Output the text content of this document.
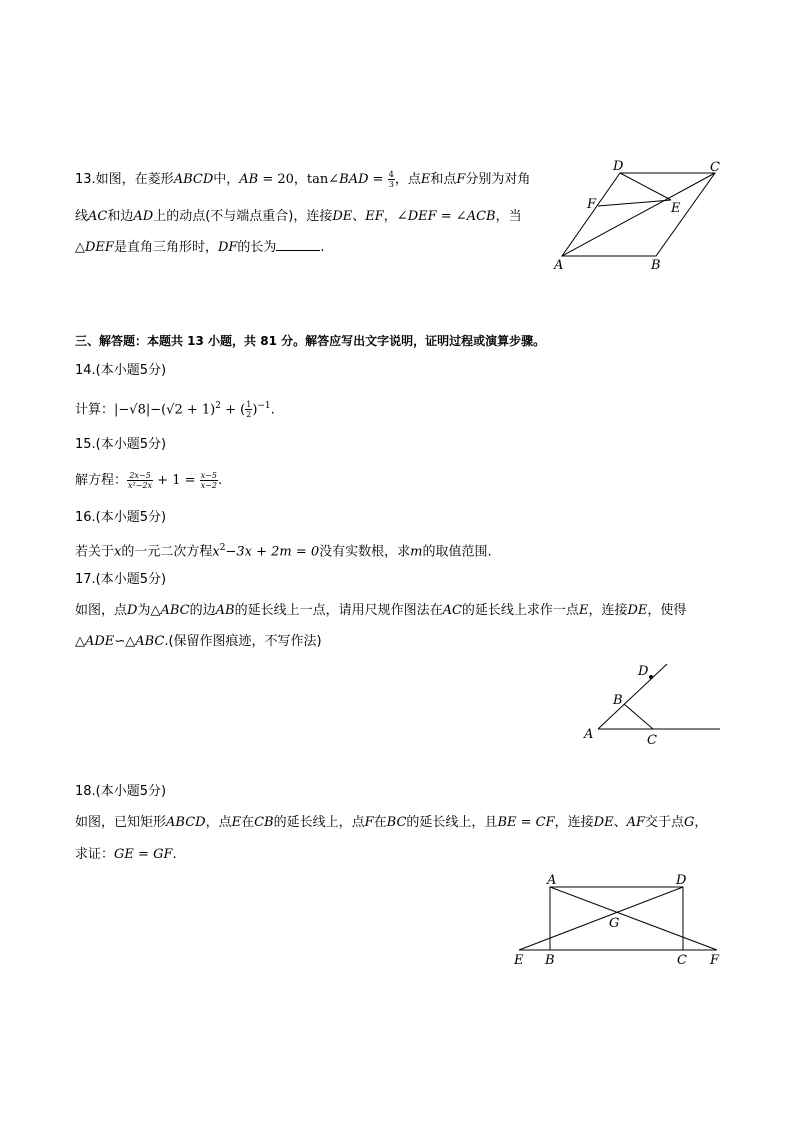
13.如图，在菱形ABCD中，AB = 20，tan∠BAD = $\frac{4}{3}$ ，点E和点F分别为对角
线AC和边AD上的动点(不与端点重合)，连接DE、EF，∠DEF = ∠ACB，当
△DEF是直角三角形时，DF的长为	.
D	C
F	E
A	B
三、解答题：本题共 13 小题，共 81 分。解答应写出文字说明，证明过程或演算步骤。
14.(本小题5分)
计算：$|-√8|-(√2 + 1)^2$ + ( $\frac{1}{2} )^{-1}$.
15.(本小题5分)
解方程： $\frac{2x-5}{\text{x²−2x}} + 1 = \frac{x-5}{x-2}$ .
16.(本小题5分)
若关于x的一元二次方程$x^2-3x + 2m = 0$没有实数根，求m的取值范围.
17.(本小题5分)
如图，点D为△ABC的边AB的延长线上一点，请用尺规作图法在AC的延长线上求作一点E，连接DE，使得
△ADE∽△ABC.(保留作图痕迹，不写作法)
D
B
A	C
18.(本小题5分)
如图，已知矩形ABCD，点E在CB的延长线上，点F在BC的延长线上，且BE = CF，连接DE、AF交于点G，
求证：GE = GF.
A	D
G
E B	C F
